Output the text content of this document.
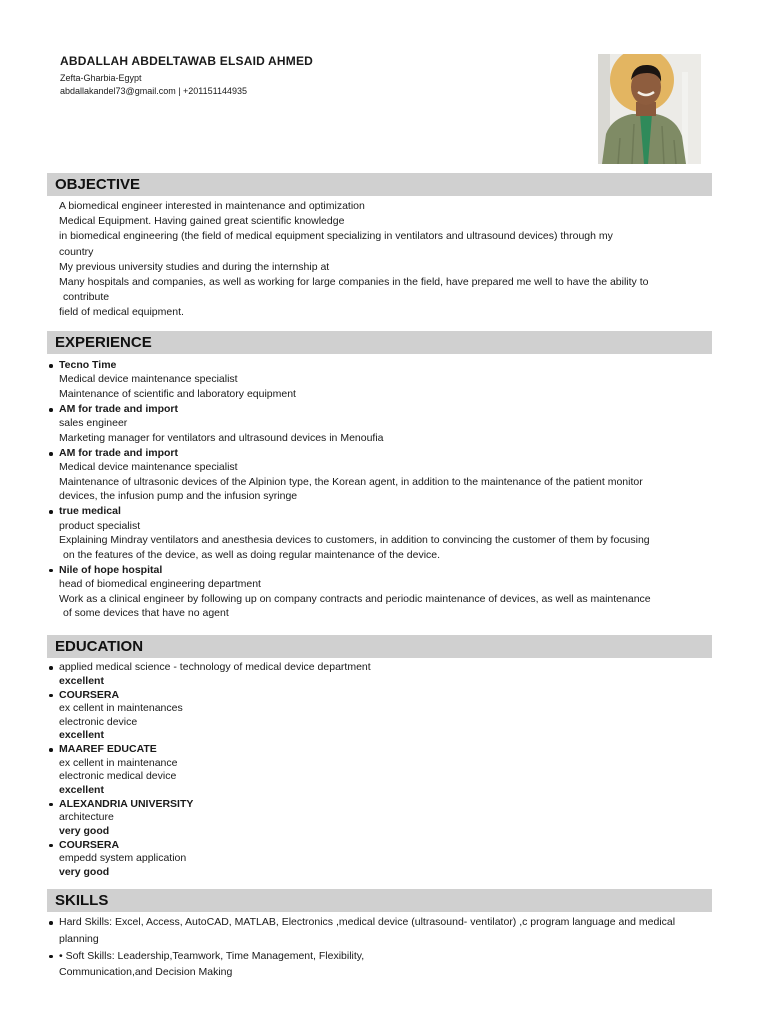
ABDALLAH ABDELTAWAB ELSAID AHMED
Zefta-Gharbia-Egypt
abdallakandel73@gmail.com | +201151144935
OBJECTIVE

A biomedical engineer interested in maintenance and optimization

Medical Equipment. Having gained great scientific knowledge

in biomedical engineering (the field of medical equipment specializing in ventilators and ultrasound devices) through my

country

My previous university studies and during the internship at

Many hospitals and companies, as well as working for large companies in the field, have prepared me well to have the ability to

contribute

field of medical equipment.

EXPERIENCE
Tecno Time
Medical device maintenance specialist
Maintenance of scientific and laboratory equipment
AM for trade and import
sales engineer
Marketing manager for ventilators and ultrasound devices in Menoufia
AM for trade and import
Medical device maintenance specialist
Maintenance of ultrasonic devices of the Alpinion type, the Korean agent, in addition to the maintenance of the patient monitor
devices, the infusion pump and the infusion syringe
true medical
product specialist
Explaining Mindray ventilators and anesthesia devices to customers, in addition to convincing the customer of them by focusing
on the features of the device, as well as doing regular maintenance of the device.
Nile of hope hospital
head of biomedical engineering department
Work as a clinical engineer by following up on company contracts and periodic maintenance of devices, as well as maintenance
of some devices that have no agent
EDUCATION
applied medical science - technology of medical device department
excellent
COURSERA
ex cellent in maintenances
electronic device
excellent
MAAREF EDUCATE
ex cellent in maintenance
electronic medical device
excellent
ALEXANDRIA UNIVERSITY
architecture
very good
COURSERA
empedd system application
very good
SKILLS
Hard Skills: Excel, Access, AutoCAD, MATLAB, Electronics ,medical device (ultrasound- ventilator) ,c program language and medical
planning
• Soft Skills: Leadership,Teamwork, Time Management, Flexibility,
Communication,and Decision Making
